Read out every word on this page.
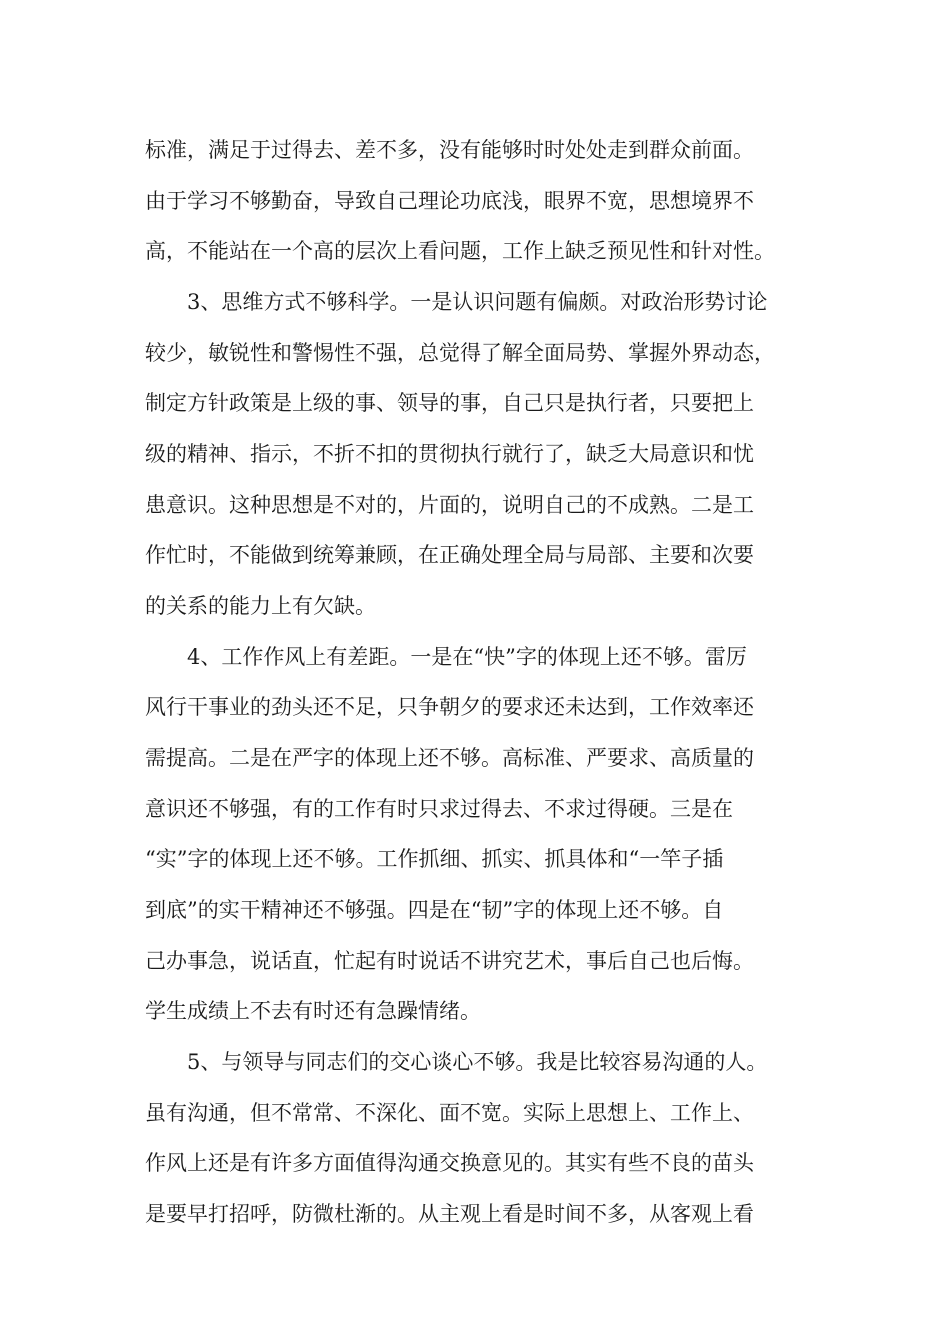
标准，满足于过得去、差不多，没有能够时时处处走到群众前面。
由于学习不够勤奋，导致自己理论功底浅，眼界不宽，思想境界不
高，不能站在一个高的层次上看问题，工作上缺乏预见性和针对性。
3、思维方式不够科学。一是认识问题有偏颇。对政治形势讨论
较少，敏锐性和警惕性不强，总觉得了解全面局势、掌握外界动态，
制定方针政策是上级的事、领导的事，自己只是执行者，只要把上
级的精神、指示，不折不扣的贯彻执行就行了，缺乏大局意识和忧
患意识。这种思想是不对的，片面的，说明自己的不成熟。二是工
作忙时，不能做到统筹兼顾，在正确处理全局与局部、主要和次要
的关系的能力上有欠缺。
4、工作作风上有差距。一是在“快”字的体现上还不够。雷厉
风行干事业的劲头还不足，只争朝夕的要求还未达到，工作效率还
需提高。二是在严字的体现上还不够。高标准、严要求、高质量的
意识还不够强，有的工作有时只求过得去、不求过得硬。三是在
“实”字的体现上还不够。工作抓细、抓实、抓具体和“一竿子插
到底”的实干精神还不够强。四是在“韧”字的体现上还不够。自
己办事急，说话直，忙起有时说话不讲究艺术，事后自己也后悔。
学生成绩上不去有时还有急躁情绪。
5、与领导与同志们的交心谈心不够。我是比较容易沟通的人。
虽有沟通，但不常常、不深化、面不宽。实际上思想上、工作上、
作风上还是有许多方面值得沟通交换意见的。其实有些不良的苗头
是要早打招呼，防微杜渐的。从主观上看是时间不多，从客观上看
